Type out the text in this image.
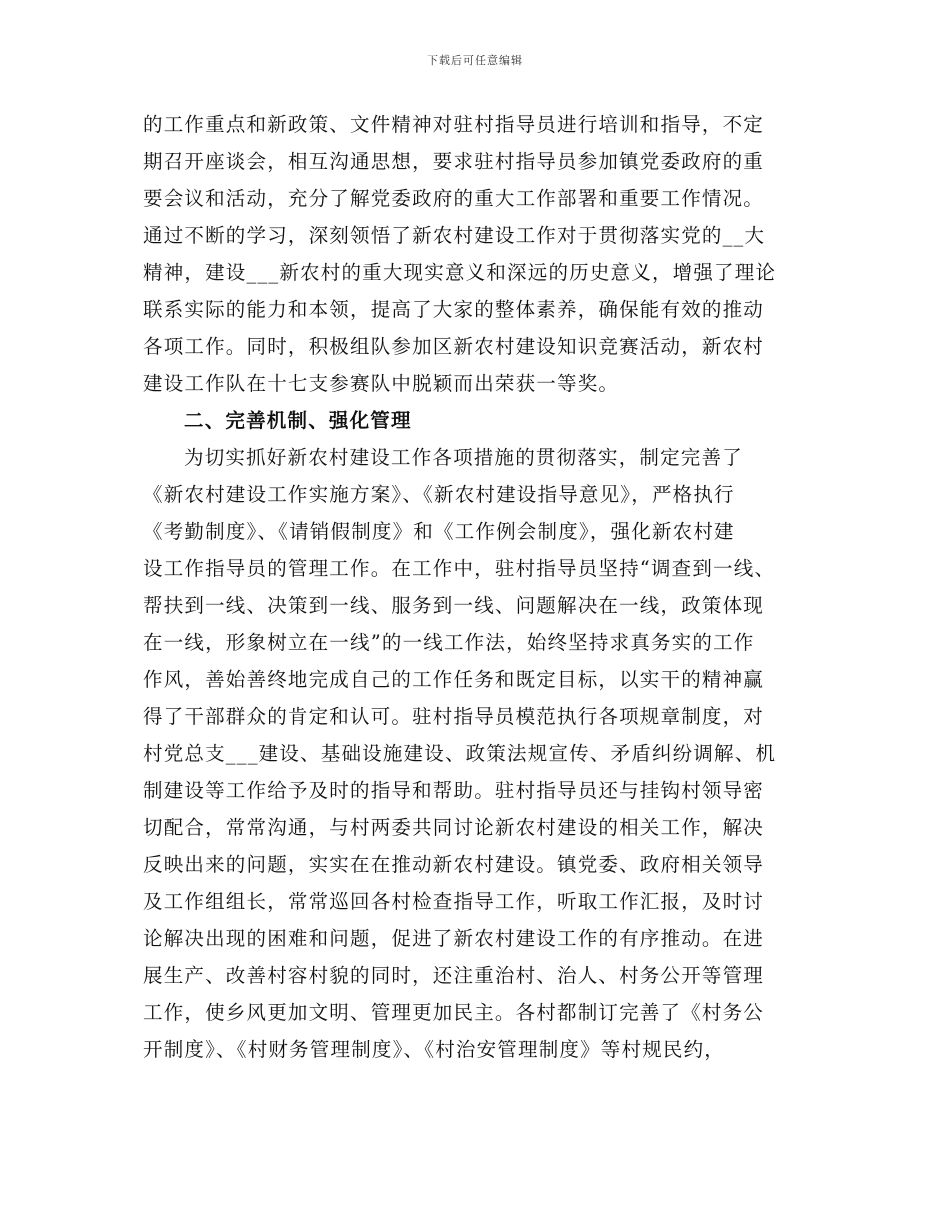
下载后可任意编辑
的工作重点和新政策、文件精神对驻村指导员进行培训和指导，不定
期召开座谈会，相互沟通思想，要求驻村指导员参加镇党委政府的重
要会议和活动，充分了解党委政府的重大工作部署和重要工作情况。
通过不断的学习，深刻领悟了新农村建设工作对于贯彻落实党的__大
精神，建设___新农村的重大现实意义和深远的历史意义，增强了理论
联系实际的能力和本领，提高了大家的整体素养，确保能有效的推动
各项工作。同时，积极组队参加区新农村建设知识竞赛活动，新农村
建设工作队在十七支参赛队中脱颖而出荣获一等奖。
二、完善机制、强化管理
为切实抓好新农村建设工作各项措施的贯彻落实，制定完善了
《新农村建设工作实施方案》、《新农村建设指导意见》，严格执行
《考勤制度》、《请销假制度》和《工作例会制度》，强化新农村建
设工作指导员的管理工作。在工作中，驻村指导员坚持“调查到一线、
帮扶到一线、决策到一线、服务到一线、问题解决在一线，政策体现
在一线，形象树立在一线”的一线工作法，始终坚持求真务实的工作
作风，善始善终地完成自己的工作任务和既定目标，以实干的精神赢
得了干部群众的肯定和认可。驻村指导员模范执行各项规章制度，对
村党总支___建设、基础设施建设、政策法规宣传、矛盾纠纷调解、机
制建设等工作给予及时的指导和帮助。驻村指导员还与挂钩村领导密
切配合，常常沟通，与村两委共同讨论新农村建设的相关工作，解决
反映出来的问题，实实在在推动新农村建设。镇党委、政府相关领导
及工作组组长，常常巡回各村检查指导工作，听取工作汇报，及时讨
论解决出现的困难和问题，促进了新农村建设工作的有序推动。在进
展生产、改善村容村貌的同时，还注重治村、治人、村务公开等管理
工作，使乡风更加文明、管理更加民主。各村都制订完善了《村务公
开制度》、《村财务管理制度》、《村治安管理制度》等村规民约，
